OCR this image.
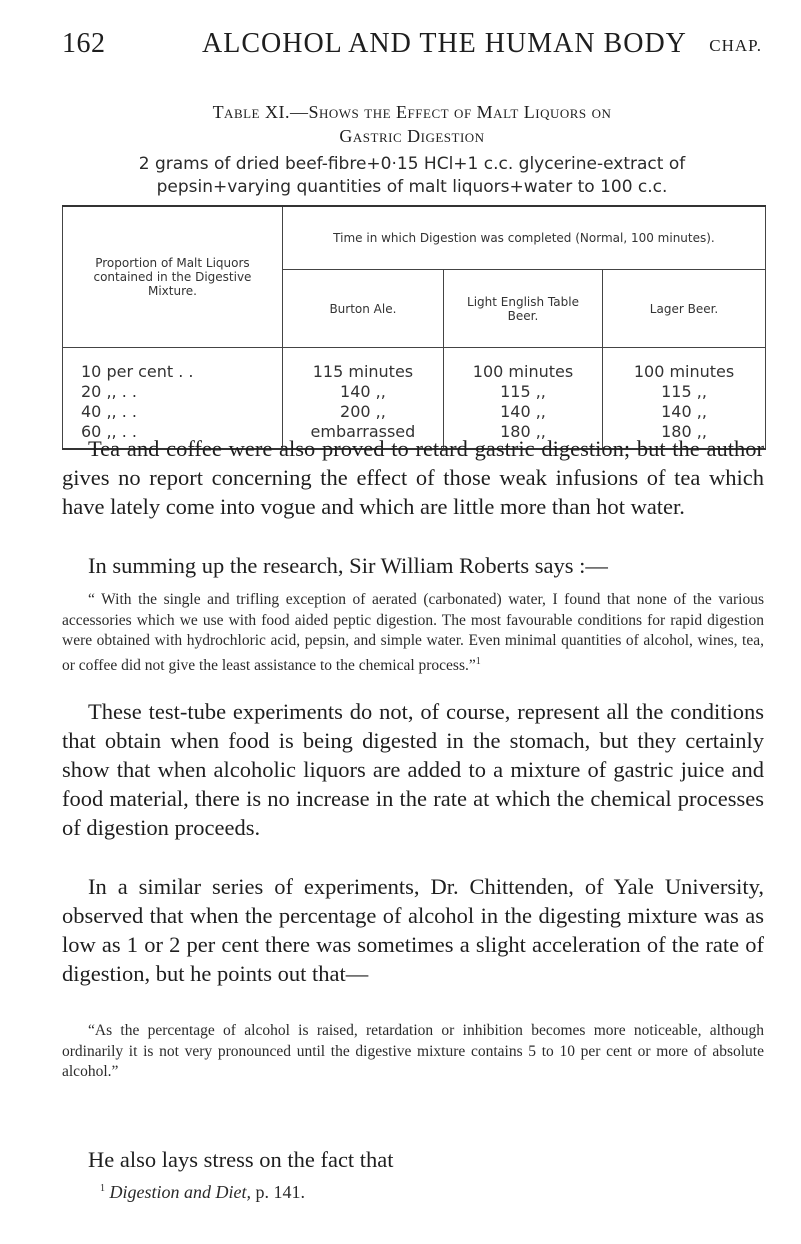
162	ALCOHOL AND THE HUMAN BODY CHAP.
Table XI.—Shows the Effect of Malt Liquors on
Gastric Digestion
2 grams of dried beef-fibre+0·15 HCl+1 c.c. glycerine-extract of
pepsin+varying quantities of malt liquors+water to 100 c.c.
Proportion of Malt Liquors contained in the Digestive Mixture.	Time in which Digestion was completed (Normal, 100 minutes).		
	Burton Ale.	Light English Table Beer.	Lager Beer.
10 per cent . .	115 minutes	100 minutes	100 minutes
20 ,, . .	140 ,,	115 ,,	115 ,,
40 ,, . .	200 ,,	140 ,,	140 ,,
60 ,, . .	embarrassed	180 ,,	180 ,,

Tea and coffee were also proved to retard gastric digestion; but the author gives no report concerning the effect of those weak infusions of tea which have lately come into vogue and which are little more than hot water.

In summing up the research, Sir William Roberts says :—

“ With the single and trifling exception of aerated (carbonated) water, I found that none of the various accessories which we use with food aided peptic digestion. The most favourable conditions for rapid digestion were obtained with hydrochloric acid, pepsin, and simple water. Even minimal quantities of alcohol, wines, tea, or coffee did not give the least assistance to the chemical process.”$^1$

These test-tube experiments do not, of course, represent all the conditions that obtain when food is being digested in the stomach, but they certainly show that when alcoholic liquors are added to a mixture of gastric juice and food material, there is no increase in the rate at which the chemical processes of digestion proceeds.

In a similar series of experiments, Dr. Chittenden, of Yale University, observed that when the percentage of alcohol in the digesting mixture was as low as 1 or 2 per cent there was sometimes a slight acceleration of the rate of digestion, but he points out that—

“As the percentage of alcohol is raised, retardation or inhibition becomes more noticeable, although ordinarily it is not very pronounced until the digestive mixture contains 5 to 10 per cent or more of absolute alcohol.”

He also lays stress on the fact that

$^1$ Digestion and Diet, p. 141.
